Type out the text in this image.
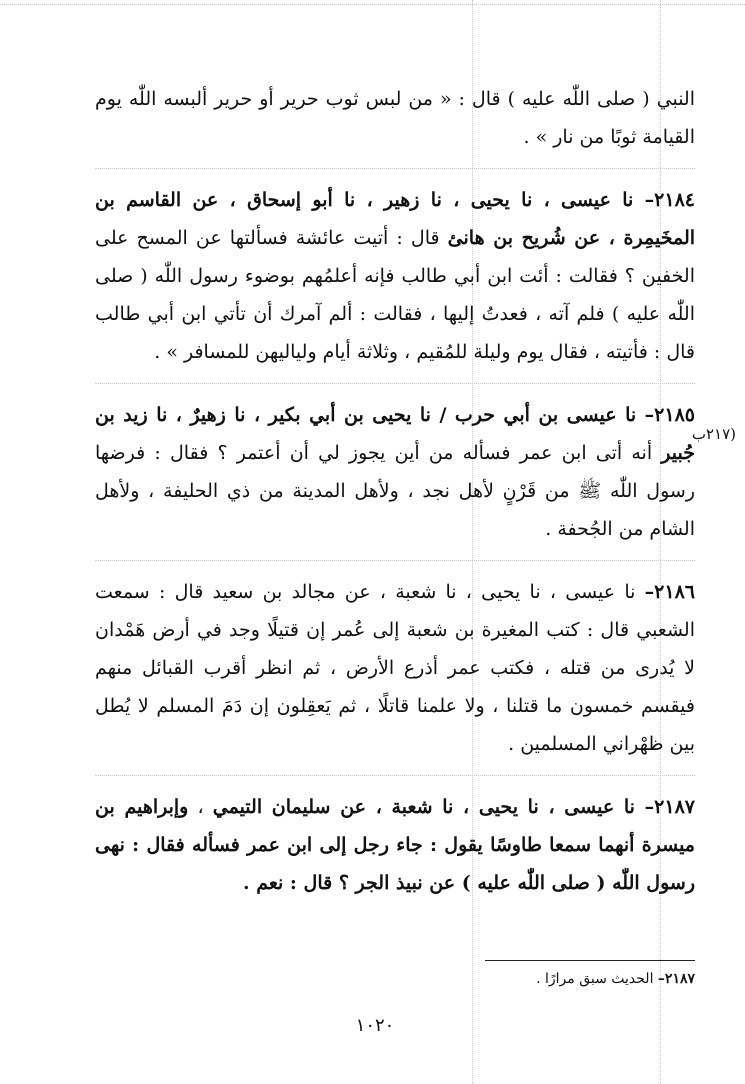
(٢١٧ب

النبي ( صلى اللّٰه عليه ) قال : « من لبس ثوب حرير أو حرير ألبسه اللّٰه يوم القيامة ثوبًا من نار » .

٢١٨٤– نا عيسى ، نا يحيى ، نا زهير ، نا أبو إسحاق ، عن القاسم بن المخَيمِرة ، عن شُريح بن هانئ قال : أتيت عائشة فسألتها عن المسح على الخفين ؟ فقالت : أئت ابن أبي طالب فإنه أعلمُهم بوضوء رسول اللّٰه ( صلى اللّٰه عليه ) فلم آته ، فعدتُ إليها ، فقالت : ألم آمرك أن تأتي ابن أبي طالب قال : فأتيته ، فقال يوم وليلة للمُقيم ، وثلاثة أيام ولياليهن للمسافر » .

٢١٨٥– نا عيسى بن أبي حرب / نا يحيى بن أبي بكير ، نا زهيرٌ ، نا زيد بن جُبير أنه أتى ابن عمر فسأله من أين يجوز لي أن أعتمر ؟ فقال : فرضها رسول اللّٰه ﷺ من قَرْنٍ لأهل نجد ، ولأهل المدينة من ذي الحليفة ، ولأهل الشام من الجُحفة .

٢١٨٦– نا عيسى ، نا يحيى ، نا شعبة ، عن مجالد بن سعيد قال : سمعت الشعبي قال : كتب المغيرة بن شعبة إلى عُمر إن قتيلًا وجد في أرض هَمْدان لا يُدرى من قتله ، فكتب عمر أذرع الأرض ، ثم انظر أقرب القبائل منهم فيقسم خمسون ما قتلنا ، ولا علمنا قاتلًا ، ثم يَعقِلون إن دَمَ المسلم لا يُطل بين ظهْراني المسلمين .

٢١٨٧– نا عيسى ، نا يحيى ، نا شعبة ، عن سليمان التيمي ، وإبراهيم بن ميسرة أنهما سمعا طاوسًا يقول : جاء رجل إلى ابن عمر فسأله فقال : نهى رسول اللّٰه ( صلى اللّٰه عليه ) عن نبيذ الجر ؟ قال : نعم .

٢١٨٧– الحديث سبق مرارًا .
١٠٢٠
